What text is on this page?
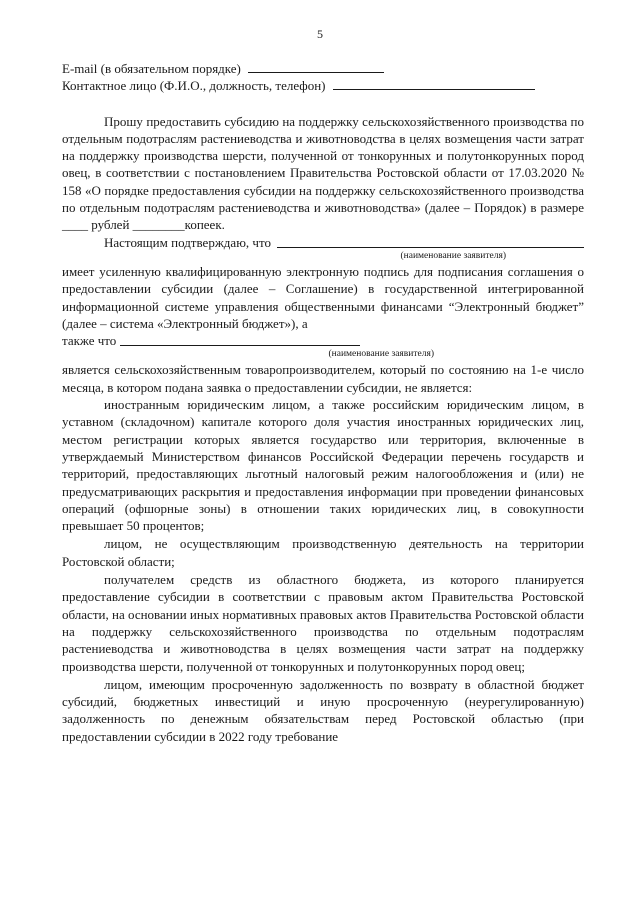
5
E-mail (в обязательном порядке)
Контактное лицо (Ф.И.О., должность, телефон)

Прошу предоставить субсидию на поддержку сельскохозяйственного производства по отдельным подотраслям растениеводства и животноводства в целях возмещения части затрат на поддержку производства шерсти, полученной от тонкорунных и полутонкорунных пород овец, в соответствии с постановлением Правительства Ростовской области от 17.03.2020 № 158 «О порядке предоставления субсидии на поддержку сельскохозяйственного производства по отдельным подотраслям растениеводства и животноводства» (далее – Порядок) в размере ____ рублей ________копеек.

Настоящим подтверждаю, что

(наименование заявителя)

имеет усиленную квалифицированную электронную подпись для подписания соглашения о предоставлении субсидии (далее – Соглашение) в государственной интегрированной информационной системе управления общественными финансами “Электронный бюджет” (далее – система «Электронный бюджет»), а

также что

(наименование заявителя)

является сельскохозяйственным товаропроизводителем, который по состоянию на 1-е число месяца, в котором подана заявка о предоставлении субсидии, не является:

иностранным юридическим лицом, а также российским юридическим лицом, в уставном (складочном) капитале которого доля участия иностранных юридических лиц, местом регистрации которых является государство или территория, включенные в утверждаемый Министерством финансов Российской Федерации перечень государств и территорий, предоставляющих льготный налоговый режим налогообложения и (или) не предусматривающих раскрытия и предоставления информации при проведении финансовых операций (офшорные зоны) в отношении таких юридических лиц, в совокупности превышает 50 процентов;

лицом, не осуществляющим производственную деятельность на территории Ростовской области;

получателем средств из областного бюджета, из которого планируется предоставление субсидии в соответствии с правовым актом Правительства Ростовской области, на основании иных нормативных правовых актов Правительства Ростовской области на поддержку сельскохозяйственного производства по отдельным подотраслям растениеводства и животноводства в целях возмещения части затрат на поддержку производства шерсти, полученной от тонкорунных и полутонкорунных пород овец;

лицом, имеющим просроченную задолженность по возврату в областной бюджет субсидий, бюджетных инвестиций и иную просроченную (неурегулированную) задолженность по денежным обязательствам перед Ростовской областью (при предоставлении субсидии в 2022 году требование
